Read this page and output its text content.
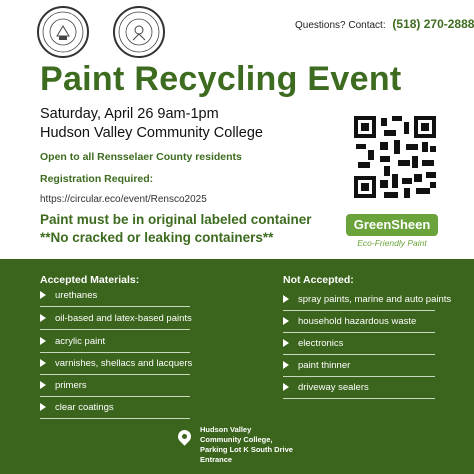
Questions? Contact: (518) 270-2888
Paint Recycling Event
Saturday, April 26 9am-1pm
Hudson Valley Community College
Open to all Rensselaer County residents
Registration Required:
https://circular.eco/event/Rensco2025
Paint must be in original labeled container
**No cracked or leaking containers**
GreenSheen
Eco-Friendly Paint
Accepted Materials:	Not Accepted:
urethanes
oil-based and latex-based paints
acrylic paint
varnishes, shellacs and lacquers
primers
clear coatings
spray paints, marine and auto paints
household hazardous waste
electronics
paint thinner
driveway sealers
Hudson Valley
Community College,
Parking Lot K South Drive
Entrance
